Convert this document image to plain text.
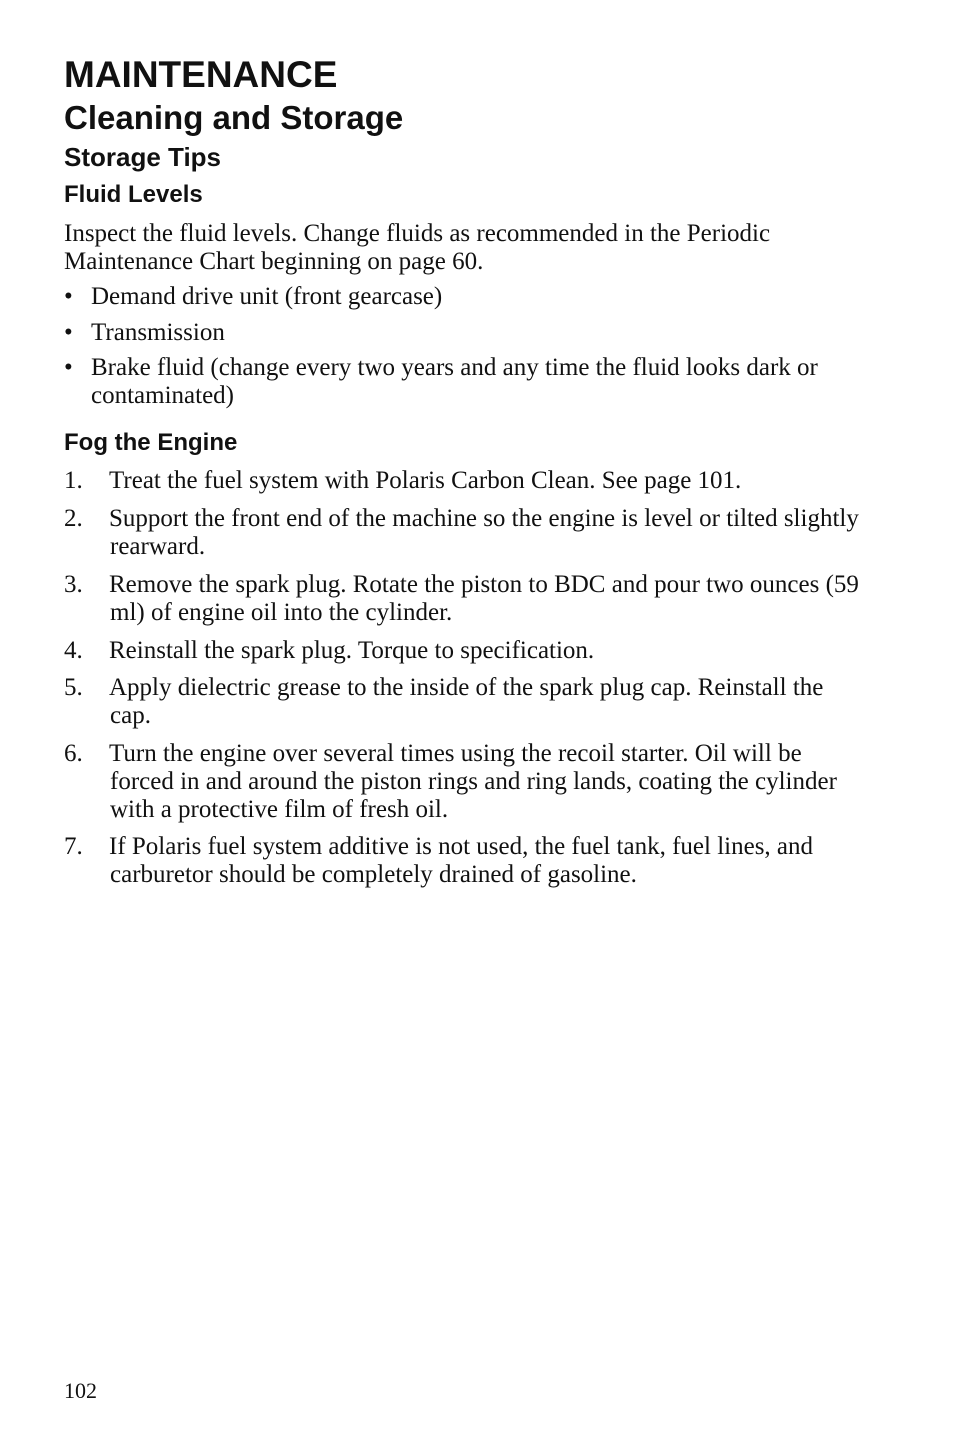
MAINTENANCE
Cleaning and Storage
Storage Tips
Fluid Levels

Inspect the fluid levels. Change fluids as recommended in the Periodic Maintenance Chart beginning on page 60.

• Demand drive unit (front gearcase)
• Transmission
• Brake fluid (change every two years and any time the fluid looks dark or contaminated)
Fog the Engine
1.	Treat the fuel system with Polaris Carbon Clean. See page 101.
2.	Support the front end of the machine so the engine is level or tilted slightly rearward.
3.	Remove the spark plug. Rotate the piston to BDC and pour two ounces (59 ml) of engine oil into the cylinder.
4.	Reinstall the spark plug. Torque to specification.
5.	Apply dielectric grease to the inside of the spark plug cap. Reinstall the cap.
6.	Turn the engine over several times using the recoil starter. Oil will be forced in and around the piston rings and ring lands, coating the cylinder with a protective film of fresh oil.
7.	If Polaris fuel system additive is not used, the fuel tank, fuel lines, and carburetor should be completely drained of gasoline.
102
